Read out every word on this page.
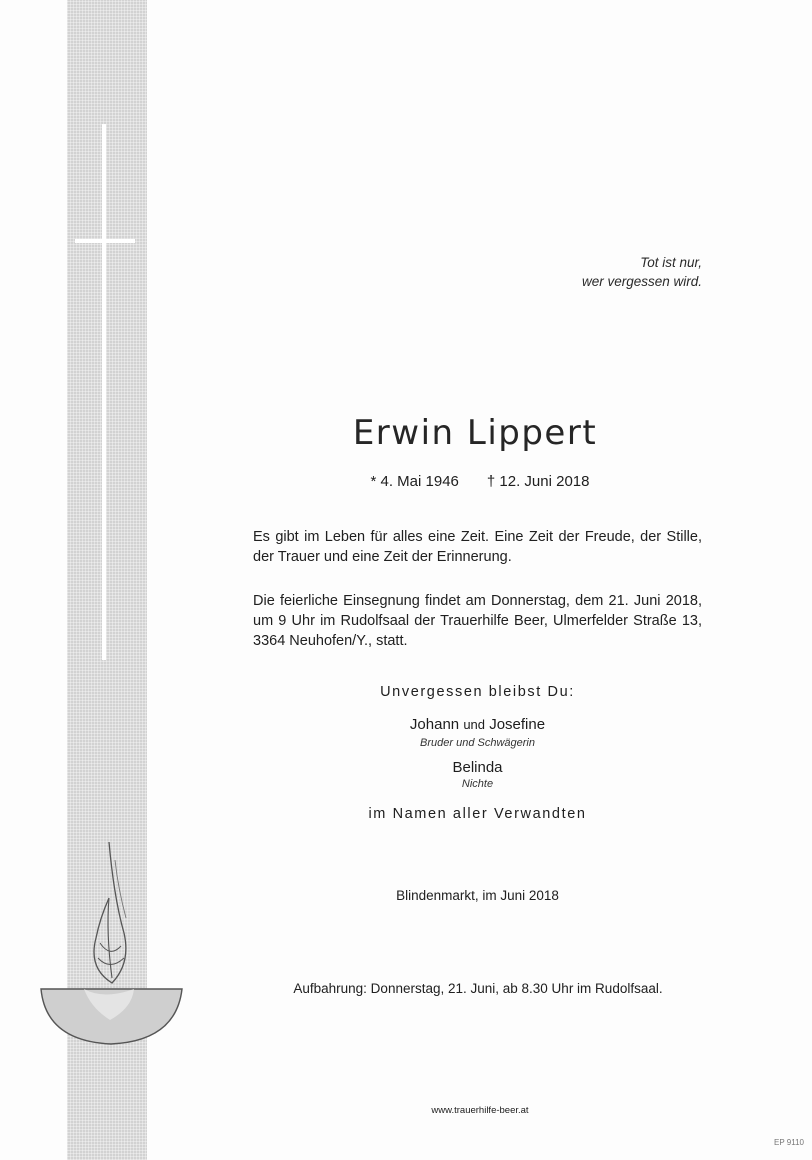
Tot ist nur,
wer vergessen wird.
Erwin Lippert
* 4. Mai 1946 † 12. Juni 2018
Es gibt im Leben für alles eine Zeit. Eine Zeit der Freude, der Stille, der Trauer und eine Zeit der Erinnerung.
Die feierliche Einsegnung findet am Donnerstag, dem 21. Juni 2018, um 9 Uhr im Rudolfsaal der Trauerhilfe Beer, Ulmerfelder Straße 13, 3364 Neuhofen/Y., statt.
Unvergessen bleibst Du:
Johann und Josefine
Bruder und Schwägerin
Belinda
Nichte
im Namen aller Verwandten
Blindenmarkt, im Juni 2018
Aufbahrung: Donnerstag, 21. Juni, ab 8.30 Uhr im Rudolfsaal.
www.trauerhilfe-beer.at
EP 9110
